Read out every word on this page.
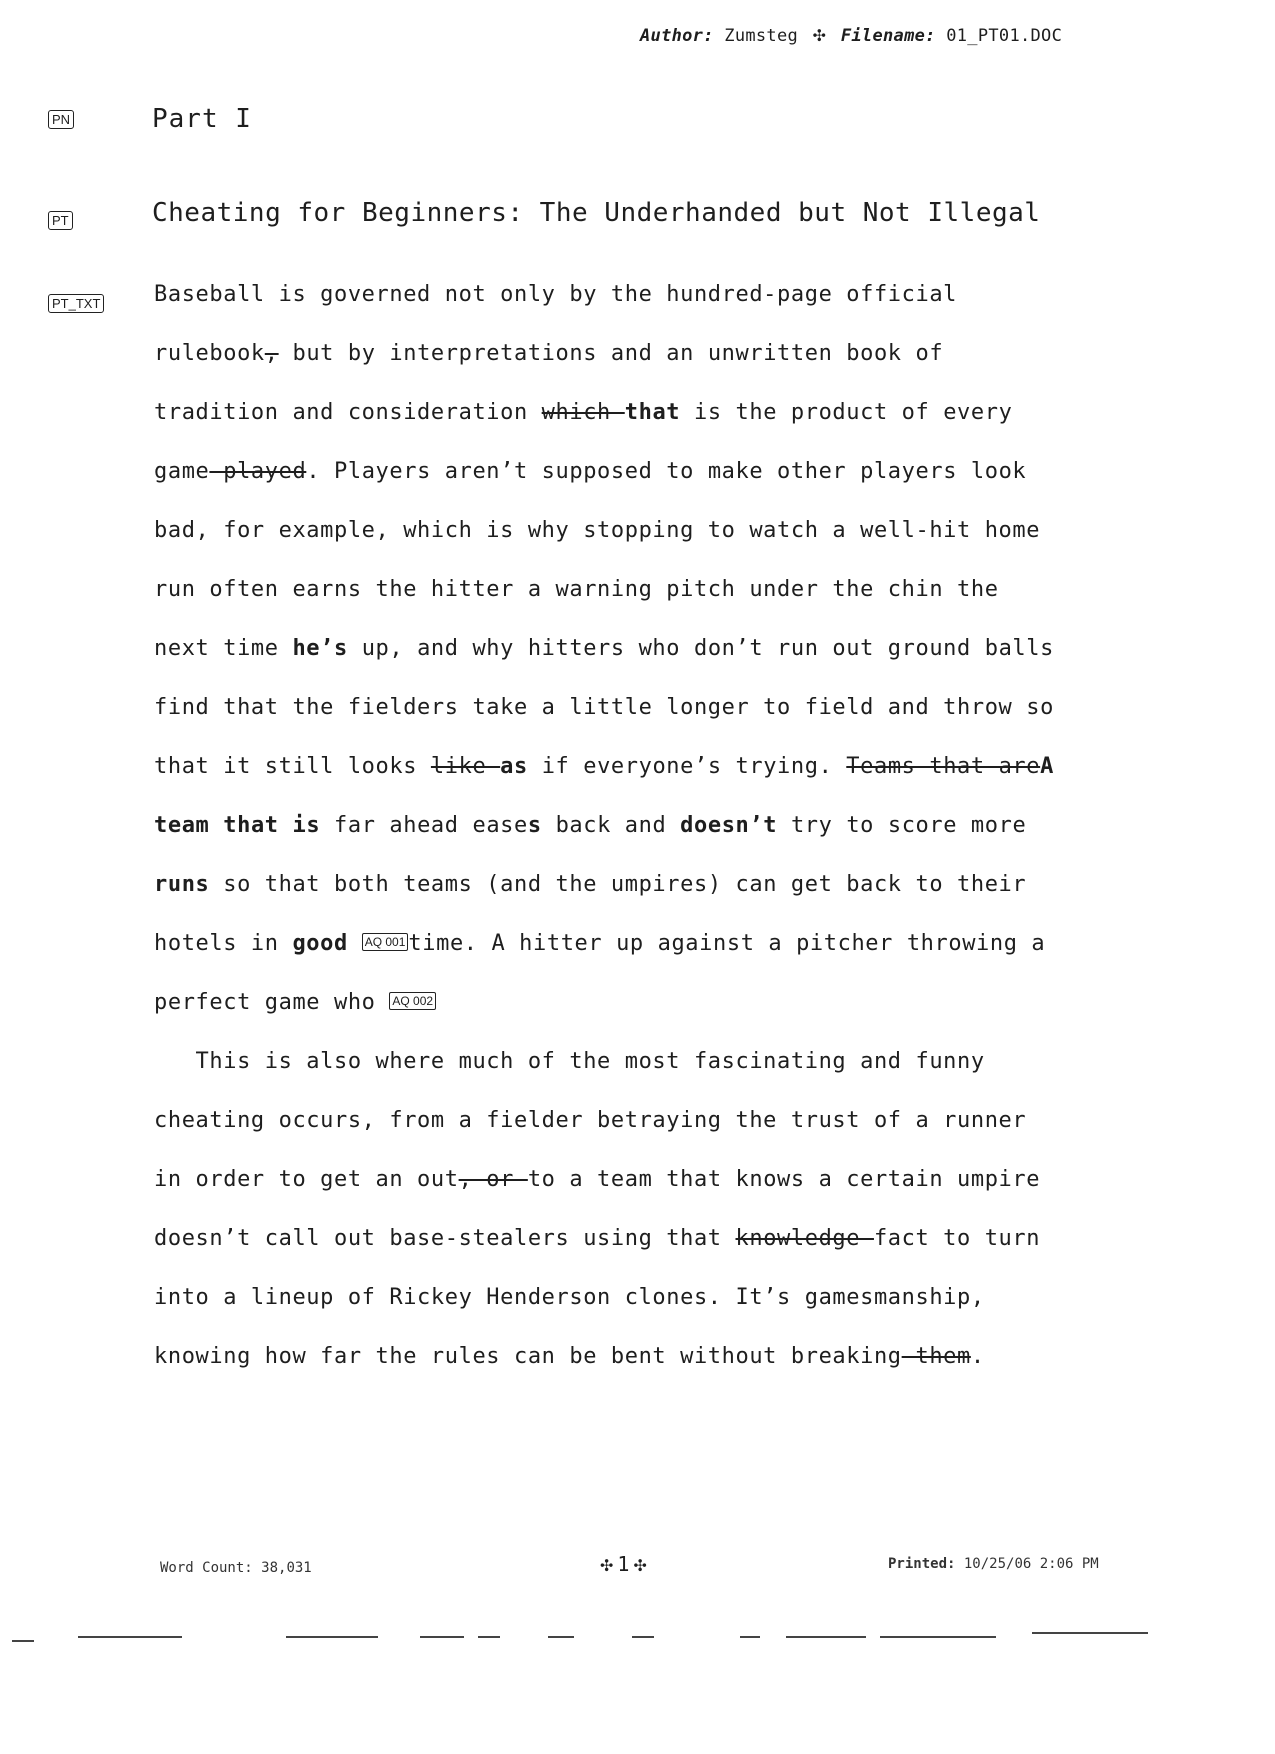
Author: Zumsteg ✣ Filename: 01_PT01.DOC
PN
PT
PT_TXT
Part I
Cheating for Beginners: The Underhanded but Not Illegal
Baseball is governed not only by the hundred-page official
rulebook, but by interpretations and an unwritten book of
tradition and consideration which that is the product of every
game played. Players aren’t supposed to make other players look
bad, for example, which is why stopping to watch a well-hit home
run often earns the hitter a warning pitch under the chin the
next time he’s up, and why hitters who don’t run out ground balls
find that the fielders take a little longer to field and throw so
that it still looks like as if everyone’s trying. Teams that areA
team that is far ahead eases back and doesn’t try to score more
runs so that both teams (and the umpires) can get back to their
hotels in good AQ 001 time. A hitter up against a pitcher throwing a
perfect game who AQ 002
This is also where much of the most fascinating and funny
cheating occurs, from a fielder betraying the trust of a runner
in order to get an out, or to a team that knows a certain umpire
doesn’t call out base-stealers using that knowledge fact to turn
into a lineup of Rickey Henderson clones. It’s gamesmanship,
knowing how far the rules can be bent without breaking them.
Word Count: 38,031	✣ 1 ✣	Printed: 10/25/06 2:06 PM
